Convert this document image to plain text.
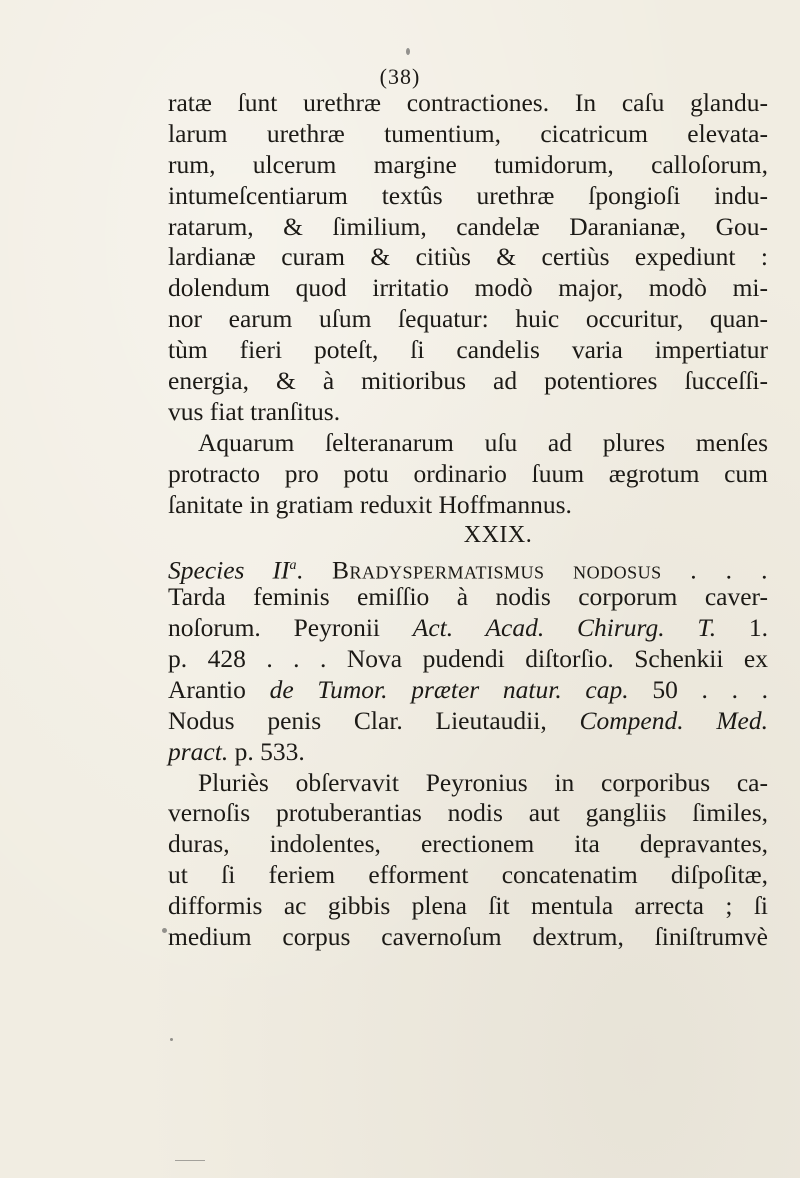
(38)
ratæ ſunt urethræ contractiones. In caſu glandu-
larum urethræ tumentium, cicatricum elevata-
rum, ulcerum margine tumidorum, calloſorum,
intumeſcentiarum textûs urethræ ſpongioſi indu-
ratarum, & ſimilium, candelæ Daranianæ, Gou-
lardianæ curam & citiùs & certiùs expediunt :
dolendum quod irritatio modò major, modò mi-
nor earum uſum ſequatur: huic occuritur, quan-
tùm fieri poteſt, ſi candelis varia impertiatur
energia, & à mitioribus ad potentiores ſucceſſi-
vus fiat tranſitus.
Aquarum ſelteranarum uſu ad plures menſes
protracto pro potu ordinario ſuum ægrotum cum
ſanitate in gratiam reduxit Hoffmannus.
XXIX.
Species $II^a$. Bradyspermatismus nodosus . . .
Tarda feminis emiſſio à nodis corporum caver-
noſorum. Peyronii Act. Acad. Chirurg. T. 1.
p. 428 . . . Nova pudendi diſtorſio. Schenkii ex
Arantio de Tumor. præter natur. cap. 50 . . .
Nodus penis Clar. Lieutaudii, Compend. Med.
pract. p. 533.
Pluriès obſervavit Peyronius in corporibus ca-
vernoſis protuberantias nodis aut gangliis ſimiles,
duras, indolentes, erectionem ita depravantes,
ut ſi feriem efforment concatenatim diſpoſitæ,
difformis ac gibbis plena ſit mentula arrecta ; ſi
medium corpus cavernoſum dextrum, ſiniſtrumvè
